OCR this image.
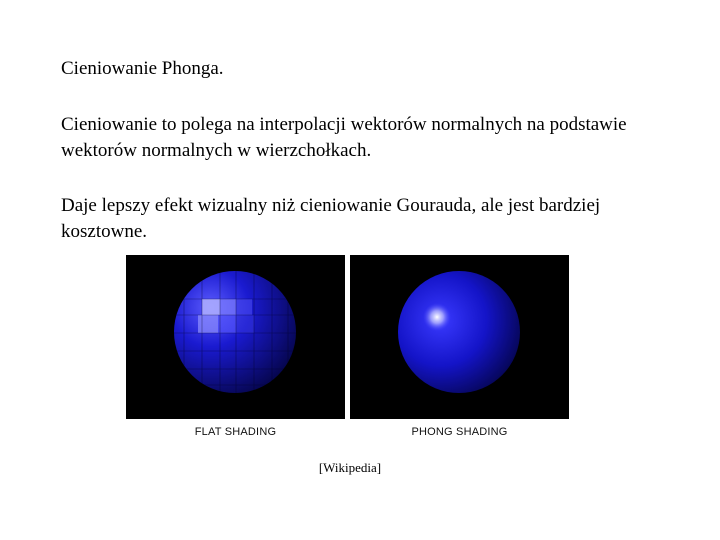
Cieniowanie Phonga.

Cieniowanie to polega na interpolacji wektorów normalnych na podstawie wektorów normalnych w wierzchołkach.

Daje lepszy efekt wizualny niż cieniowanie Gourauda, ale jest bardziej kosztowne.

FLAT SHADING	PHONG SHADING
[Wikipedia]
